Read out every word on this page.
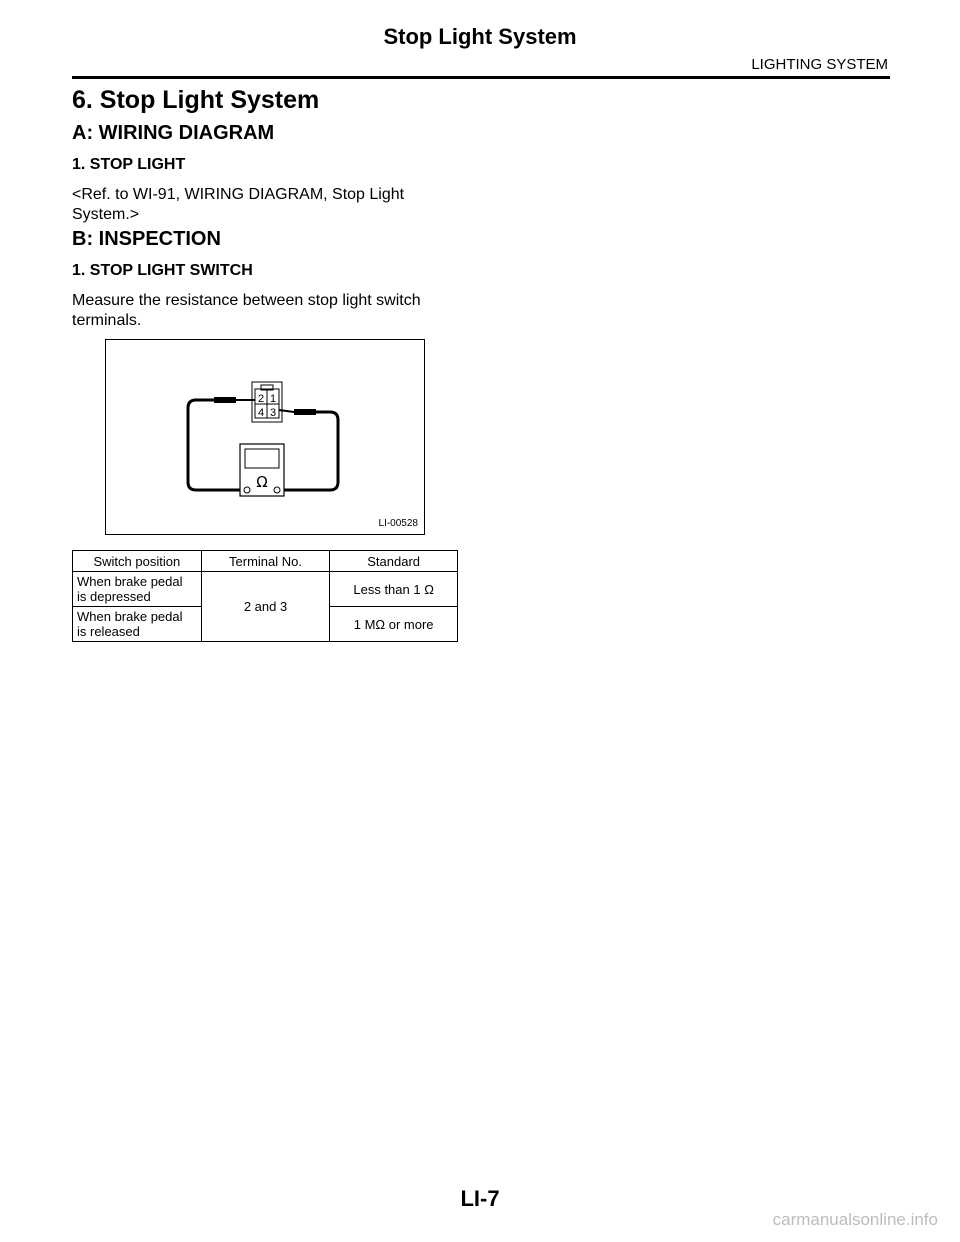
Stop Light System
LIGHTING SYSTEM
6. Stop Light System
A: WIRING DIAGRAM
1. STOP LIGHT
<Ref. to WI-91, WIRING DIAGRAM, Stop Light
System.>
B: INSPECTION
1. STOP LIGHT SWITCH
Measure the resistance between stop light switch
terminals.
2 1
4 3
Ω
LI-00528
Switch position	Terminal No.	Standard

When brake pedal
is depressed	2 and 3	Less than 1 Ω

When brake pedal
is released		1 MΩ or more
LI-7
carmanualsonline.info
